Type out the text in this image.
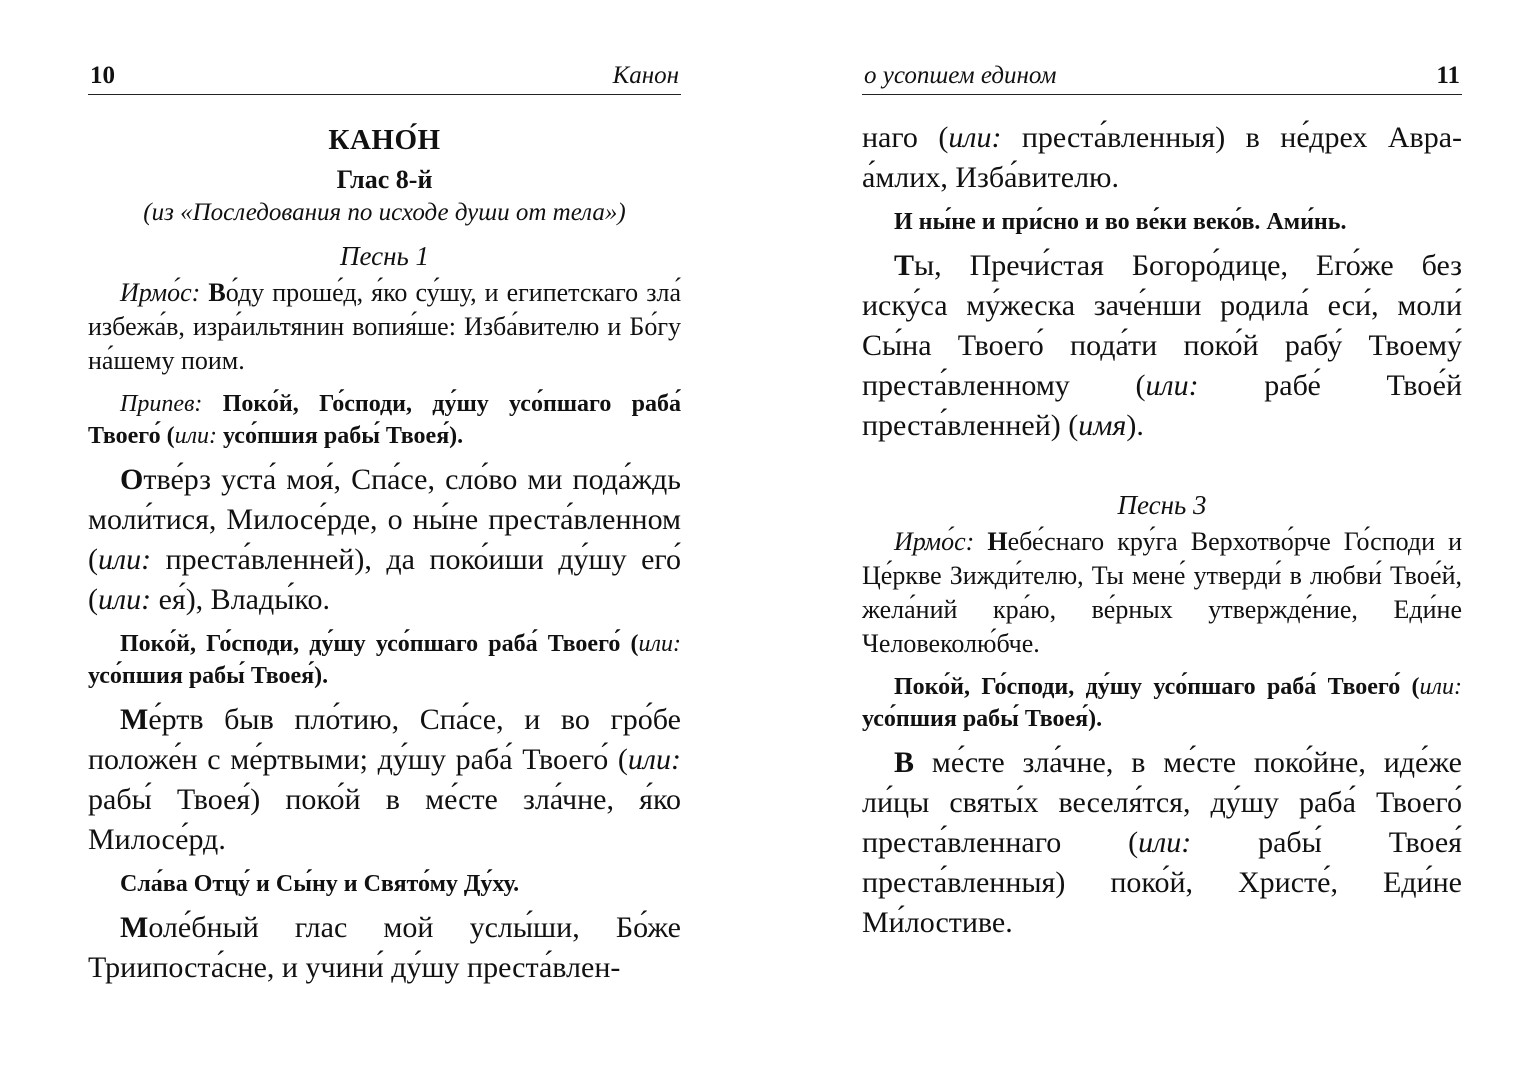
10	Канон
КАНО́Н
Глас 8-й
(из «Последования по исходе души от тела»)
Песнь 1

Ирмо́с: Во́ду проше́д, я́ко су́шу, и египетскаго зла́ избежа́в, изра́ильтянин вопия́ше: Изба́вителю и Бо́гу на́шему поим.

Припев: Поко́й, Го́споди, ду́шу усо́пшаго раба́ Твоего́ (или: усо́пшия рабы́ Твоея́).

Отве́рз уста́ моя́, Спа́се, сло́во ми пода́ждь моли́тися, Милосе́рде, о ны́не преста́вленном (или: преста́вленней), да поко́иши ду́шу его́ (или: ея́), Влады́ко.

Поко́й, Го́споди, ду́шу усо́пшаго раба́ Твоего́ (или: усо́пшия рабы́ Твоея́).

Ме́ртв быв пло́тию, Спа́се, и во гро́бе положе́н с ме́ртвыми; ду́шу раба́ Твоего́ (или: рабы́ Твоея́) поко́й в ме́сте зла́чне, я́ко Милосе́рд.

Сла́ва Отцу́ и Сы́ну и Свято́му Ду́ху.

Моле́бный глас мой услы́ши, Бо́же Триипоста́сне, и учини́ ду́шу преста́влен-

о усопшем едином	11

наго (или: преста́вленныя) в не́дрех Авра-а́млих, Изба́вителю.

И ны́не и при́сно и во ве́ки веко́в. Ами́нь.

Ты, Пречи́стая Богоро́дице, Его́же без иску́са му́жеска заче́нши родила́ еси́, моли́ Сы́на Твоего́ пода́ти поко́й рабу́ Твоему́ преста́вленному (или: рабе́ Твое́й преста́вленней) (имя).

Песнь 3

Ирмо́с: Небе́снаго кру́га Верхотво́рче Го́споди и Це́ркве Зижди́телю, Ты мене́ утверди́ в любви́ Твое́й, жела́ний кра́ю, ве́рных утвержде́ние, Еди́не Человеколю́бче.

Поко́й, Го́споди, ду́шу усо́пшаго раба́ Твоего́ (или: усо́пшия рабы́ Твоея́).

В ме́сте зла́чне, в ме́сте поко́йне, иде́же ли́цы святы́х веселя́тся, ду́шу раба́ Твоего́ преста́вленнаго (или: рабы́ Твоея́ преста́вленныя) поко́й, Христе́, Еди́не Ми́лостиве.
